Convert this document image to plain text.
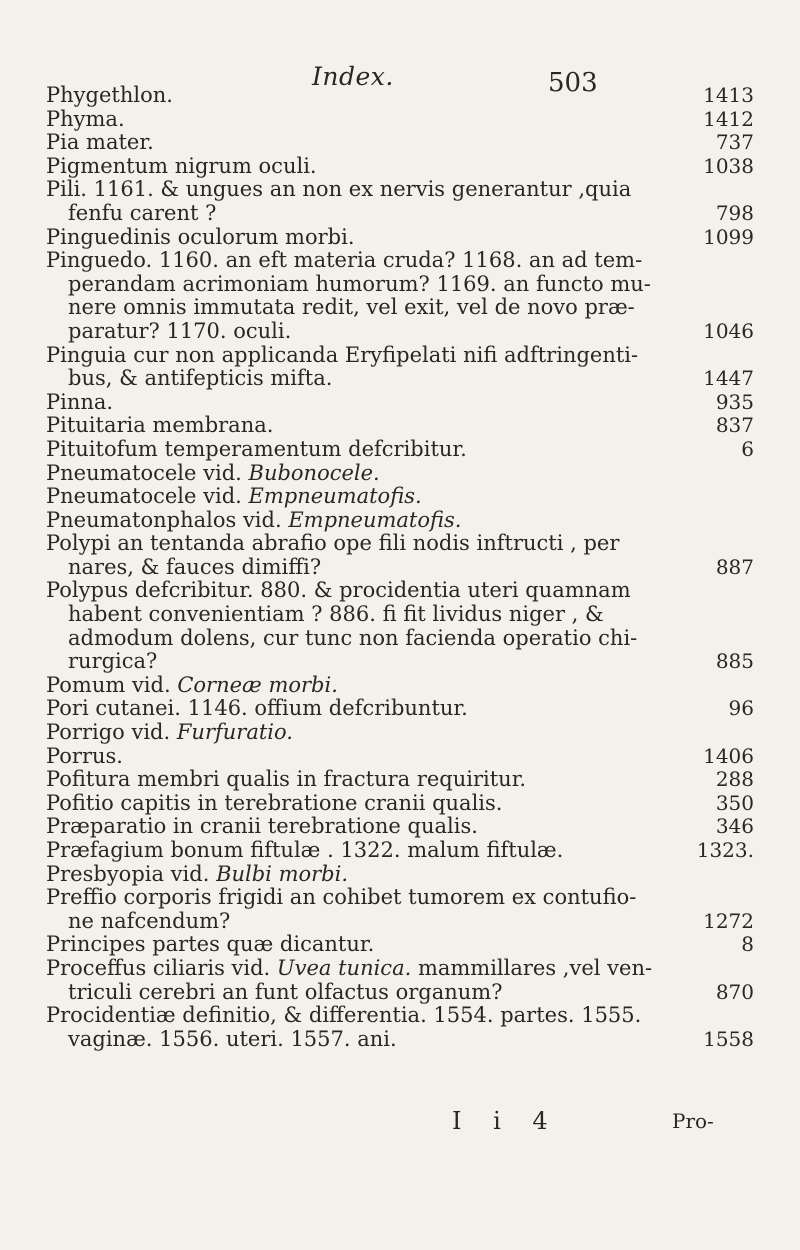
Index.	503
Phygethlon.	1413
Phyma.	1412
Pia mater.	737
Pigmentum nigrum oculi.	1038
Pili. 1161. & ungues an non ex nervis generantur ,quia
fenfu carent ?	798
Pinguedinis oculorum morbi.	1099
Pinguedo. 1160. an eft materia cruda? 1168. an ad tem-
perandam acrimoniam humorum? 1169. an functo mu-
nere omnis immutata redit, vel exit, vel de novo præ-
paratur? 1170. oculi.	1046
Pinguia cur non applicanda Eryfipelati nifi adftringenti-
bus, & antifepticis mifta.	1447
Pinna.	935
Pituitaria membrana.	837
Pituitofum temperamentum defcribitur.	6
Pneumatocele vid. Bubonocele.
Pneumatocele vid. Empneumatofis.
Pneumatonphalos vid. Empneumatofis.
Polypi an tentanda abrafio ope fili nodis inftructi , per
nares, & fauces dimiffi?	887
Polypus defcribitur. 880. & procidentia uteri quamnam
habent convenientiam ? 886. fi fit lividus niger , &
admodum dolens, cur tunc non facienda operatio chi-
rurgica?	885
Pomum vid. Corneæ morbi.
Pori cutanei. 1146. offium defcribuntur.	96
Porrigo vid. Furfuratio.
Porrus.	1406
Pofitura membri qualis in fractura requiritur.	288
Pofitio capitis in terebratione cranii qualis.	350
Præparatio in cranii terebratione qualis.	346
Præfagium bonum fiftulæ . 1322. malum fiftulæ.	1323.
Presbyopia vid. Bulbi morbi.
Preffio corporis frigidi an cohibet tumorem ex contufio-
ne nafcendum?	1272
Principes partes quæ dicantur.	8
Proceffus ciliaris vid. Uvea tunica. mammillares ,vel ven-
triculi cerebri an funt olfactus organum?	870
Procidentiæ definitio, & differentia. 1554. partes. 1555.
vaginæ. 1556. uteri. 1557. ani.	1558
I i 4	Pro-
